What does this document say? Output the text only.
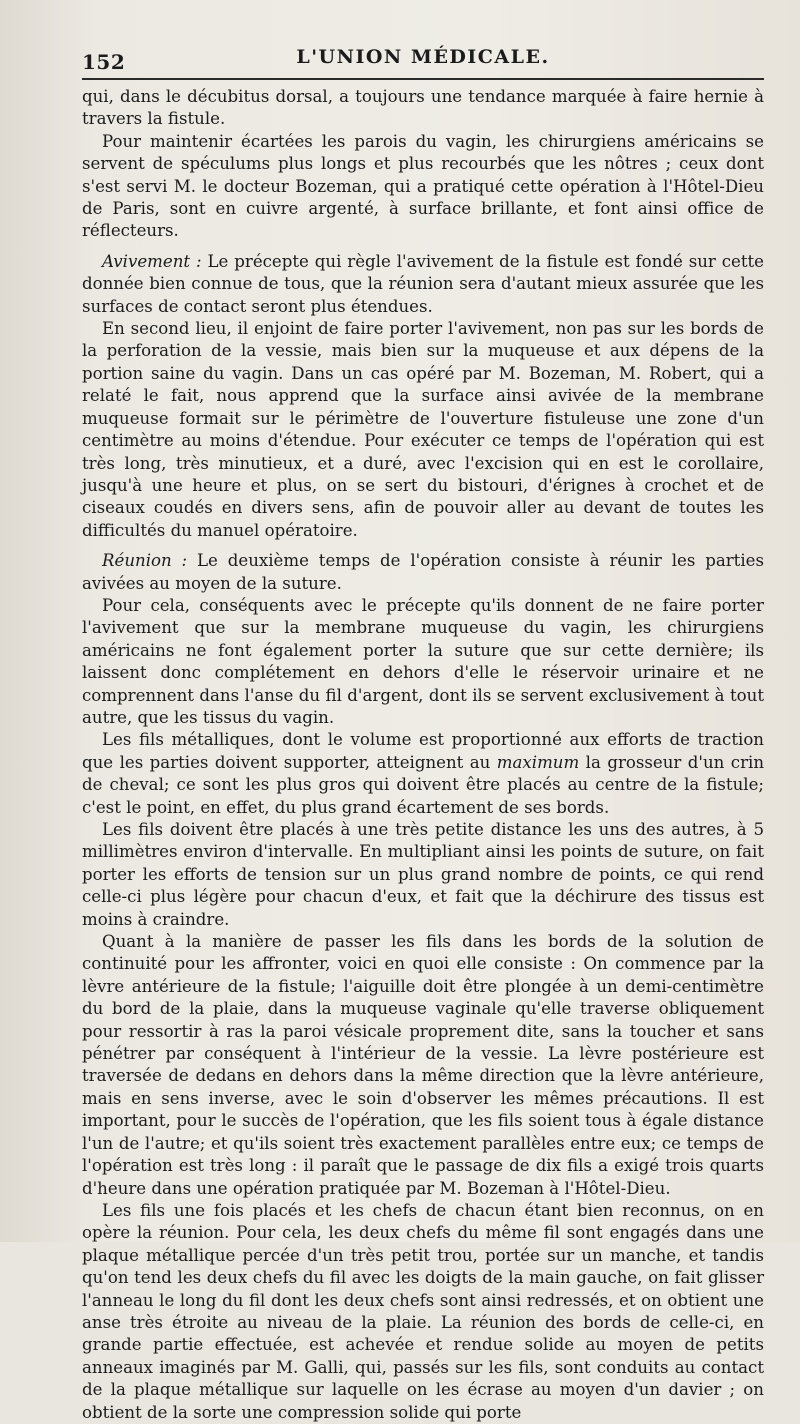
152	L'UNION MÉDICALE.

qui, dans le décubitus dorsal, a toujours une tendance marquée à faire hernie à travers la fistule.

Pour maintenir écartées les parois du vagin, les chirurgiens américains se servent de spéculums plus longs et plus recourbés que les nôtres ; ceux dont s'est servi M. le docteur Bozeman, qui a pratiqué cette opération à l'Hôtel-Dieu de Paris, sont en cuivre argenté, à surface brillante, et font ainsi office de réflecteurs.

Avivement : Le précepte qui règle l'avivement de la fistule est fondé sur cette donnée bien connue de tous, que la réunion sera d'autant mieux assurée que les surfaces de contact seront plus étendues.

En second lieu, il enjoint de faire porter l'avivement, non pas sur les bords de la perforation de la vessie, mais bien sur la muqueuse et aux dépens de la portion saine du vagin. Dans un cas opéré par M. Bozeman, M. Robert, qui a relaté le fait, nous apprend que la surface ainsi avivée de la membrane muqueuse formait sur le périmètre de l'ouverture fistuleuse une zone d'un centimètre au moins d'étendue. Pour exécuter ce temps de l'opération qui est très long, très minutieux, et a duré, avec l'excision qui en est le corollaire, jusqu'à une heure et plus, on se sert du bistouri, d'érignes à crochet et de ciseaux coudés en divers sens, afin de pouvoir aller au devant de toutes les difficultés du manuel opératoire.

Réunion : Le deuxième temps de l'opération consiste à réunir les parties avivées au moyen de la suture.

Pour cela, conséquents avec le précepte qu'ils donnent de ne faire porter l'avivement que sur la membrane muqueuse du vagin, les chirurgiens américains ne font également porter la suture que sur cette dernière; ils laissent donc complétement en dehors d'elle le réservoir urinaire et ne comprennent dans l'anse du fil d'argent, dont ils se servent exclusivement à tout autre, que les tissus du vagin.

Les fils métalliques, dont le volume est proportionné aux efforts de traction que les parties doivent supporter, atteignent au maximum la grosseur d'un crin de cheval; ce sont les plus gros qui doivent être placés au centre de la fistule; c'est le point, en effet, du plus grand écartement de ses bords.

Les fils doivent être placés à une très petite distance les uns des autres, à 5 millimètres environ d'intervalle. En multipliant ainsi les points de suture, on fait porter les efforts de tension sur un plus grand nombre de points, ce qui rend celle-ci plus légère pour chacun d'eux, et fait que la déchirure des tissus est moins à craindre.

Quant à la manière de passer les fils dans les bords de la solution de continuité pour les affronter, voici en quoi elle consiste : On commence par la lèvre antérieure de la fistule; l'aiguille doit être plongée à un demi-centimètre du bord de la plaie, dans la muqueuse vaginale qu'elle traverse obliquement pour ressortir à ras la paroi vésicale proprement dite, sans la toucher et sans pénétrer par conséquent à l'intérieur de la vessie. La lèvre postérieure est traversée de dedans en dehors dans la même direction que la lèvre antérieure, mais en sens inverse, avec le soin d'observer les mêmes précautions. Il est important, pour le succès de l'opération, que les fils soient tous à égale distance l'un de l'autre; et qu'ils soient très exactement parallèles entre eux; ce temps de l'opération est très long : il paraît que le passage de dix fils a exigé trois quarts d'heure dans une opération pratiquée par M. Bozeman à l'Hôtel-Dieu.

Les fils une fois placés et les chefs de chacun étant bien reconnus, on en opère la réunion. Pour cela, les deux chefs du même fil sont engagés dans une plaque métallique percée d'un très petit trou, portée sur un manche, et tandis qu'on tend les deux chefs du fil avec les doigts de la main gauche, on fait glisser l'anneau le long du fil dont les deux chefs sont ainsi redressés, et on obtient une anse très étroite au niveau de la plaie. La réunion des bords de celle-ci, en grande partie effectuée, est achevée et rendue solide au moyen de petits anneaux imaginés par M. Galli, qui, passés sur les fils, sont conduits au contact de la plaque métallique sur laquelle on les écrase au moyen d'un davier ; on obtient de la sorte une compression solide qui porte
